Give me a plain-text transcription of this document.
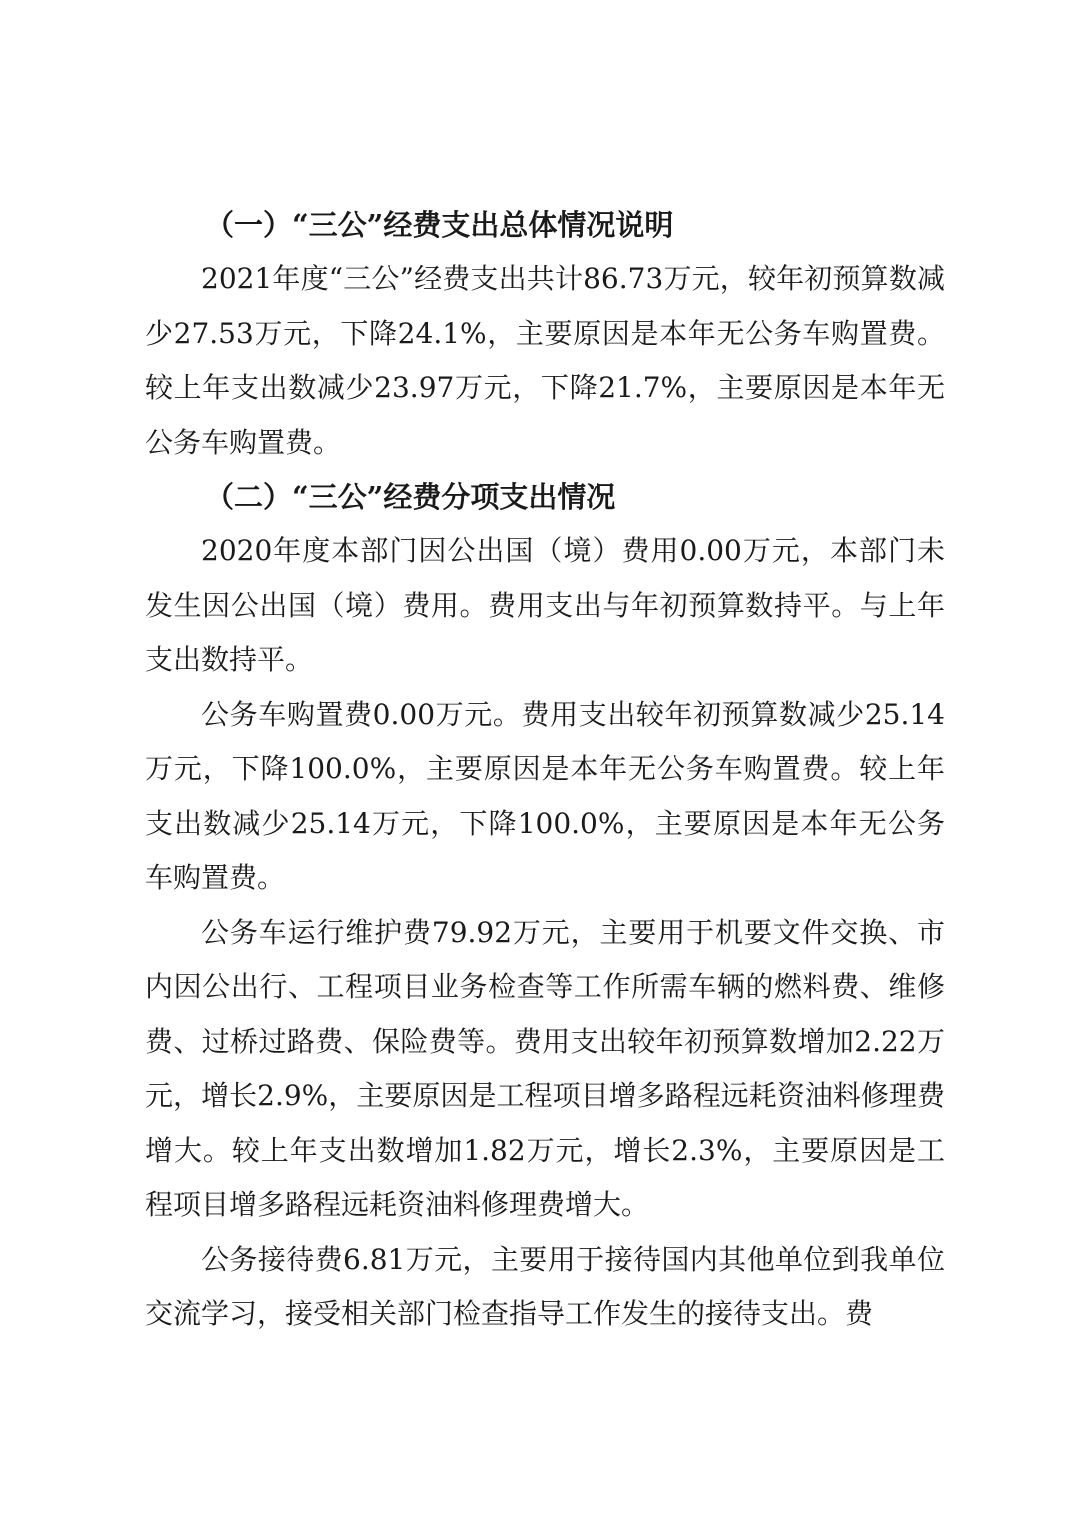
（一）“三公”经费支出总体情况说明

2021年度“三公”经费支出共计86.73万元，较年初预算数减少27.53万元，下降24.1%，主要原因是本年无公务车购置费。较上年支出数减少23.97万元，下降21.7%，主要原因是本年无公务车购置费。

（二）“三公”经费分项支出情况

2020年度本部门因公出国（境）费用0.00万元，本部门未发生因公出国（境）费用。费用支出与年初预算数持平。与上年支出数持平。

公务车购置费0.00万元。费用支出较年初预算数减少25.14万元，下降100.0%，主要原因是本年无公务车购置费。较上年支出数减少25.14万元，下降100.0%，主要原因是本年无公务车购置费。

公务车运行维护费79.92万元，主要用于机要文件交换、市内因公出行、工程项目业务检查等工作所需车辆的燃料费、维修费、过桥过路费、保险费等。费用支出较年初预算数增加2.22万元，增长2.9%，主要原因是工程项目增多路程远耗资油料修理费增大。较上年支出数增加1.82万元，增长2.3%，主要原因是工程项目增多路程远耗资油料修理费增大。

公务接待费6.81万元，主要用于接待国内其他单位到我单位交流学习，接受相关部门检查指导工作发生的接待支出。费
